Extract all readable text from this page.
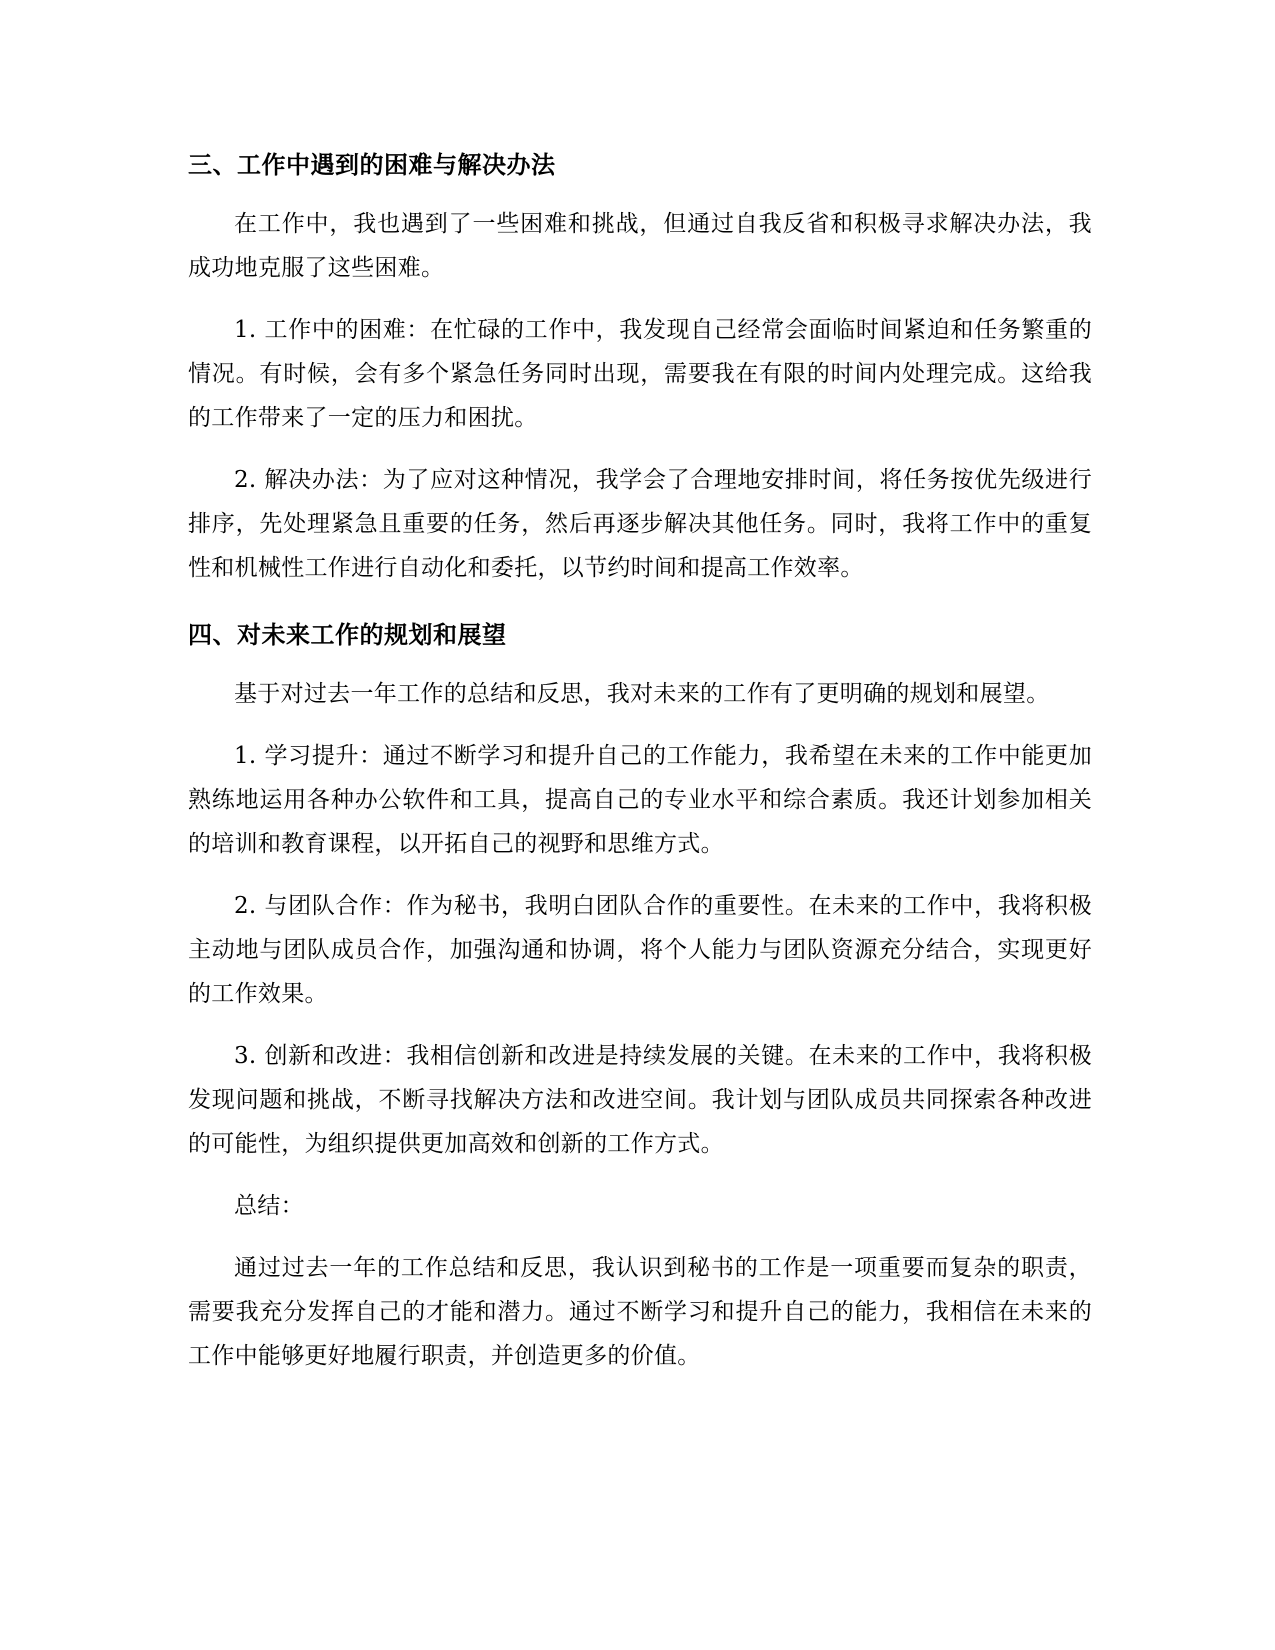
三、工作中遇到的困难与解决办法

在工作中，我也遇到了一些困难和挑战，但通过自我反省和积极寻求解决办法，我成功地克服了这些困难。

1. 工作中的困难：在忙碌的工作中，我发现自己经常会面临时间紧迫和任务繁重的情况。有时候，会有多个紧急任务同时出现，需要我在有限的时间内处理完成。这给我的工作带来了一定的压力和困扰。

2. 解决办法：为了应对这种情况，我学会了合理地安排时间，将任务按优先级进行排序，先处理紧急且重要的任务，然后再逐步解决其他任务。同时，我将工作中的重复性和机械性工作进行自动化和委托，以节约时间和提高工作效率。

四、对未来工作的规划和展望

基于对过去一年工作的总结和反思，我对未来的工作有了更明确的规划和展望。

1. 学习提升：通过不断学习和提升自己的工作能力，我希望在未来的工作中能更加熟练地运用各种办公软件和工具，提高自己的专业水平和综合素质。我还计划参加相关的培训和教育课程，以开拓自己的视野和思维方式。

2. 与团队合作：作为秘书，我明白团队合作的重要性。在未来的工作中，我将积极主动地与团队成员合作，加强沟通和协调，将个人能力与团队资源充分结合，实现更好的工作效果。

3. 创新和改进：我相信创新和改进是持续发展的关键。在未来的工作中，我将积极发现问题和挑战，不断寻找解决方法和改进空间。我计划与团队成员共同探索各种改进的可能性，为组织提供更加高效和创新的工作方式。

总结：

通过过去一年的工作总结和反思，我认识到秘书的工作是一项重要而复杂的职责，需要我充分发挥自己的才能和潜力。通过不断学习和提升自己的能力，我相信在未来的工作中能够更好地履行职责，并创造更多的价值。
